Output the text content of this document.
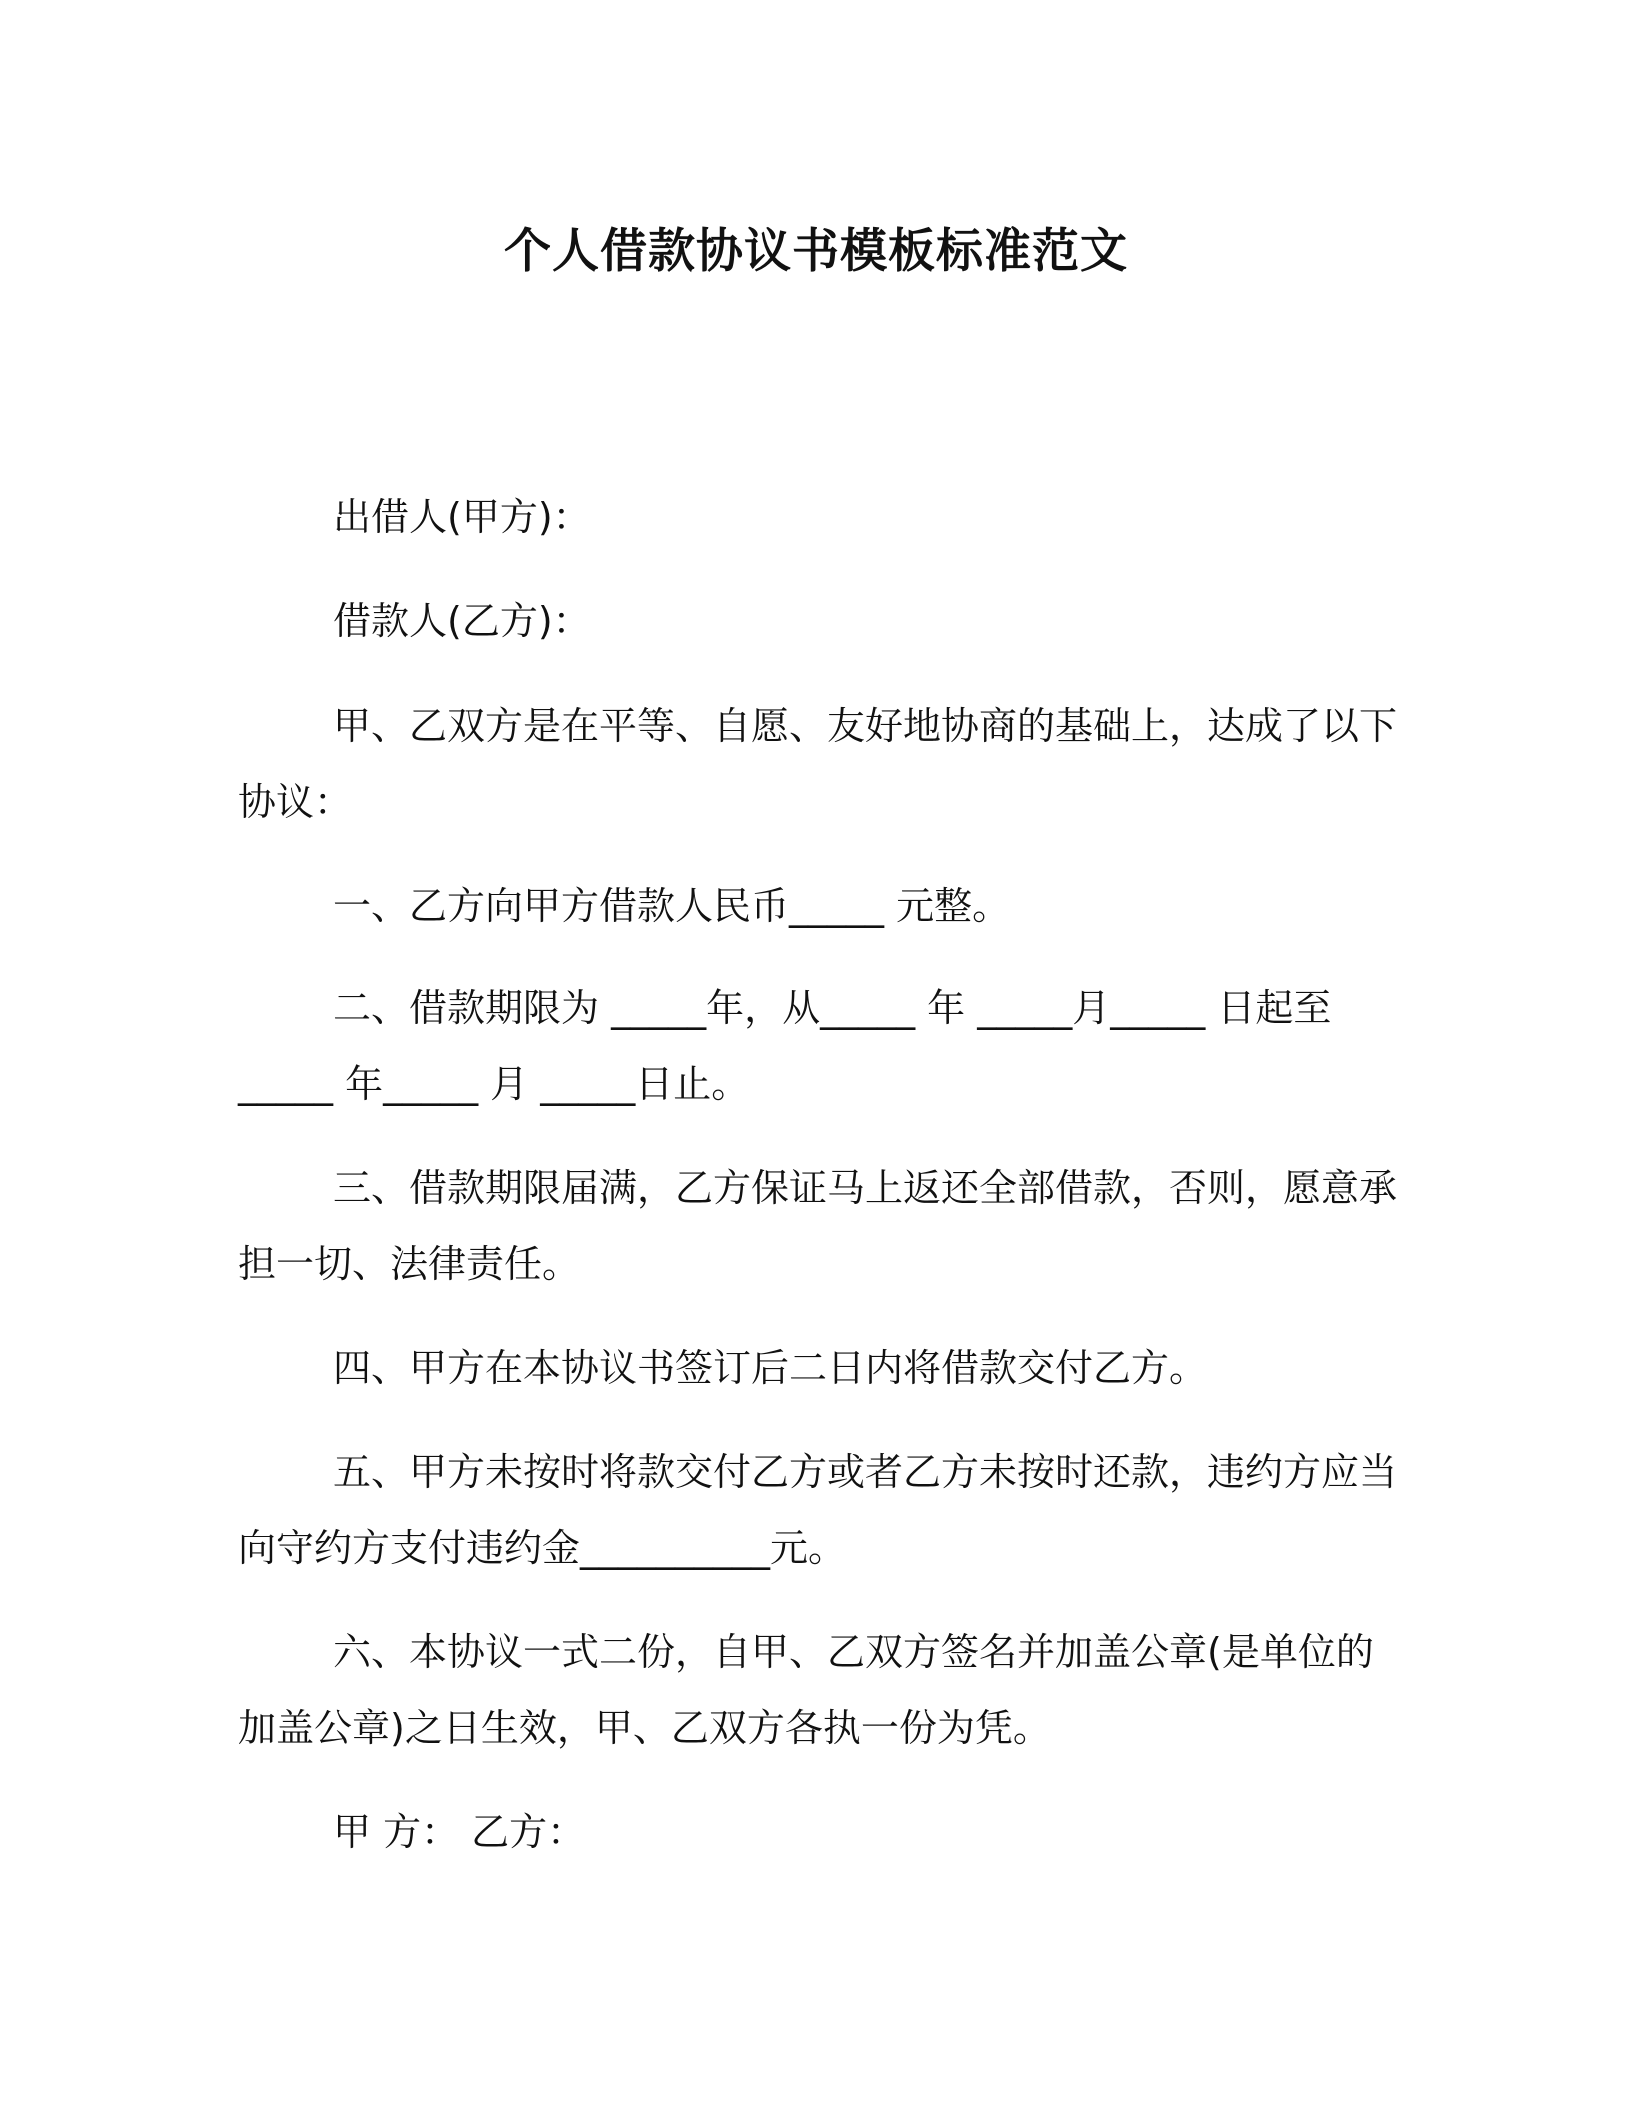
个人借款协议书模板标准范文
出借人(甲方)：
借款人(乙方)：
甲、乙双方是在平等、自愿、友好地协商的基础上，达成了以下
协议：
一、乙方向甲方借款人民币_____ 元整。
二、借款期限为 _____年，从_____ 年 _____月_____ 日起至
_____ 年_____ 月 _____日止。
三、借款期限届满，乙方保证马上返还全部借款，否则，愿意承
担一切、法律责任。
四、甲方在本协议书签订后二日内将借款交付乙方。
五、甲方未按时将款交付乙方或者乙方未按时还款，违约方应当
向守约方支付违约金__________元。
六、本协议一式二份，自甲、乙双方签名并加盖公章(是单位的
加盖公章)之日生效，甲、乙双方各执一份为凭。
甲 方： 乙方：
